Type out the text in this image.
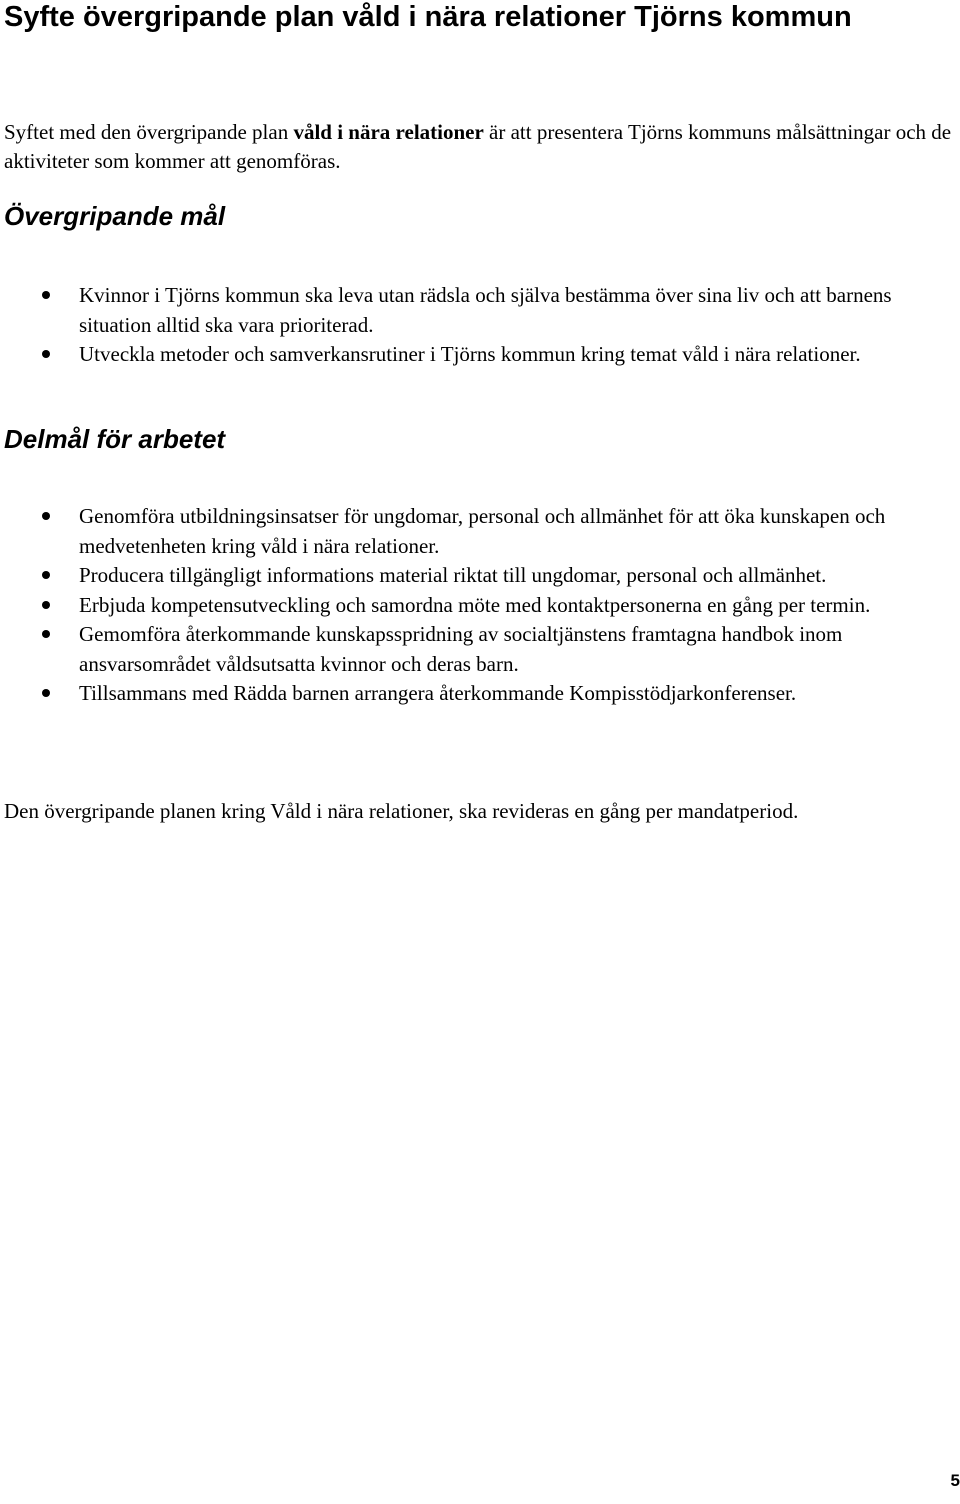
Syfte övergripande plan våld i nära relationer Tjörns kommun

Syftet med den övergripande plan våld i nära relationer är att presentera Tjörns kommuns målsättningar och de aktiviteter som kommer att genomföras.

Övergripande mål
Kvinnor i Tjörns kommun ska leva utan rädsla och själva bestämma över sina liv och att barnens situation alltid ska vara prioriterad.
Utveckla metoder och samverkansrutiner i Tjörns kommun kring temat våld i nära relationer.
Delmål för arbetet
Genomföra utbildningsinsatser för ungdomar, personal och allmänhet för att öka kunskapen och medvetenheten kring våld i nära relationer.
Producera tillgängligt informations material riktat till ungdomar, personal och allmänhet.
Erbjuda kompetensutveckling och samordna möte med kontaktpersonerna en gång per termin.
Gemomföra återkommande kunskapsspridning av socialtjänstens framtagna handbok inom ansvarsområdet våldsutsatta kvinnor och deras barn.
Tillsammans med Rädda barnen arrangera återkommande Kompisstödjarkonferenser.

Den övergripande planen kring Våld i nära relationer, ska revideras en gång per mandatperiod.

5
